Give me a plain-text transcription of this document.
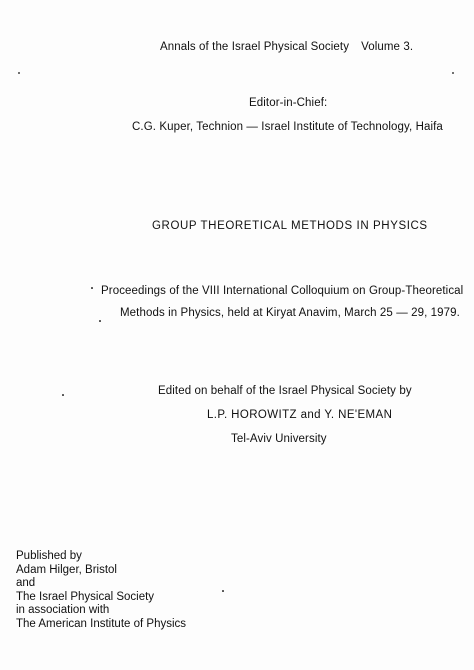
Annals of the Israel Physical Society Volume 3.
Editor-in-Chief:
C.G. Kuper, Technion — Israel Institute of Technology, Haifa
GROUP THEORETICAL METHODS IN PHYSICS
Proceedings of the VIII International Colloquium on Group-Theoretical
Methods in Physics, held at Kiryat Anavim, March 25 — 29, 1979.
Edited on behalf of the Israel Physical Society by
L.P. HOROWITZ and Y. NE'EMAN
Tel-Aviv University
Published by
Adam Hilger, Bristol
and
The Israel Physical Society
in association with
The American Institute of Physics
